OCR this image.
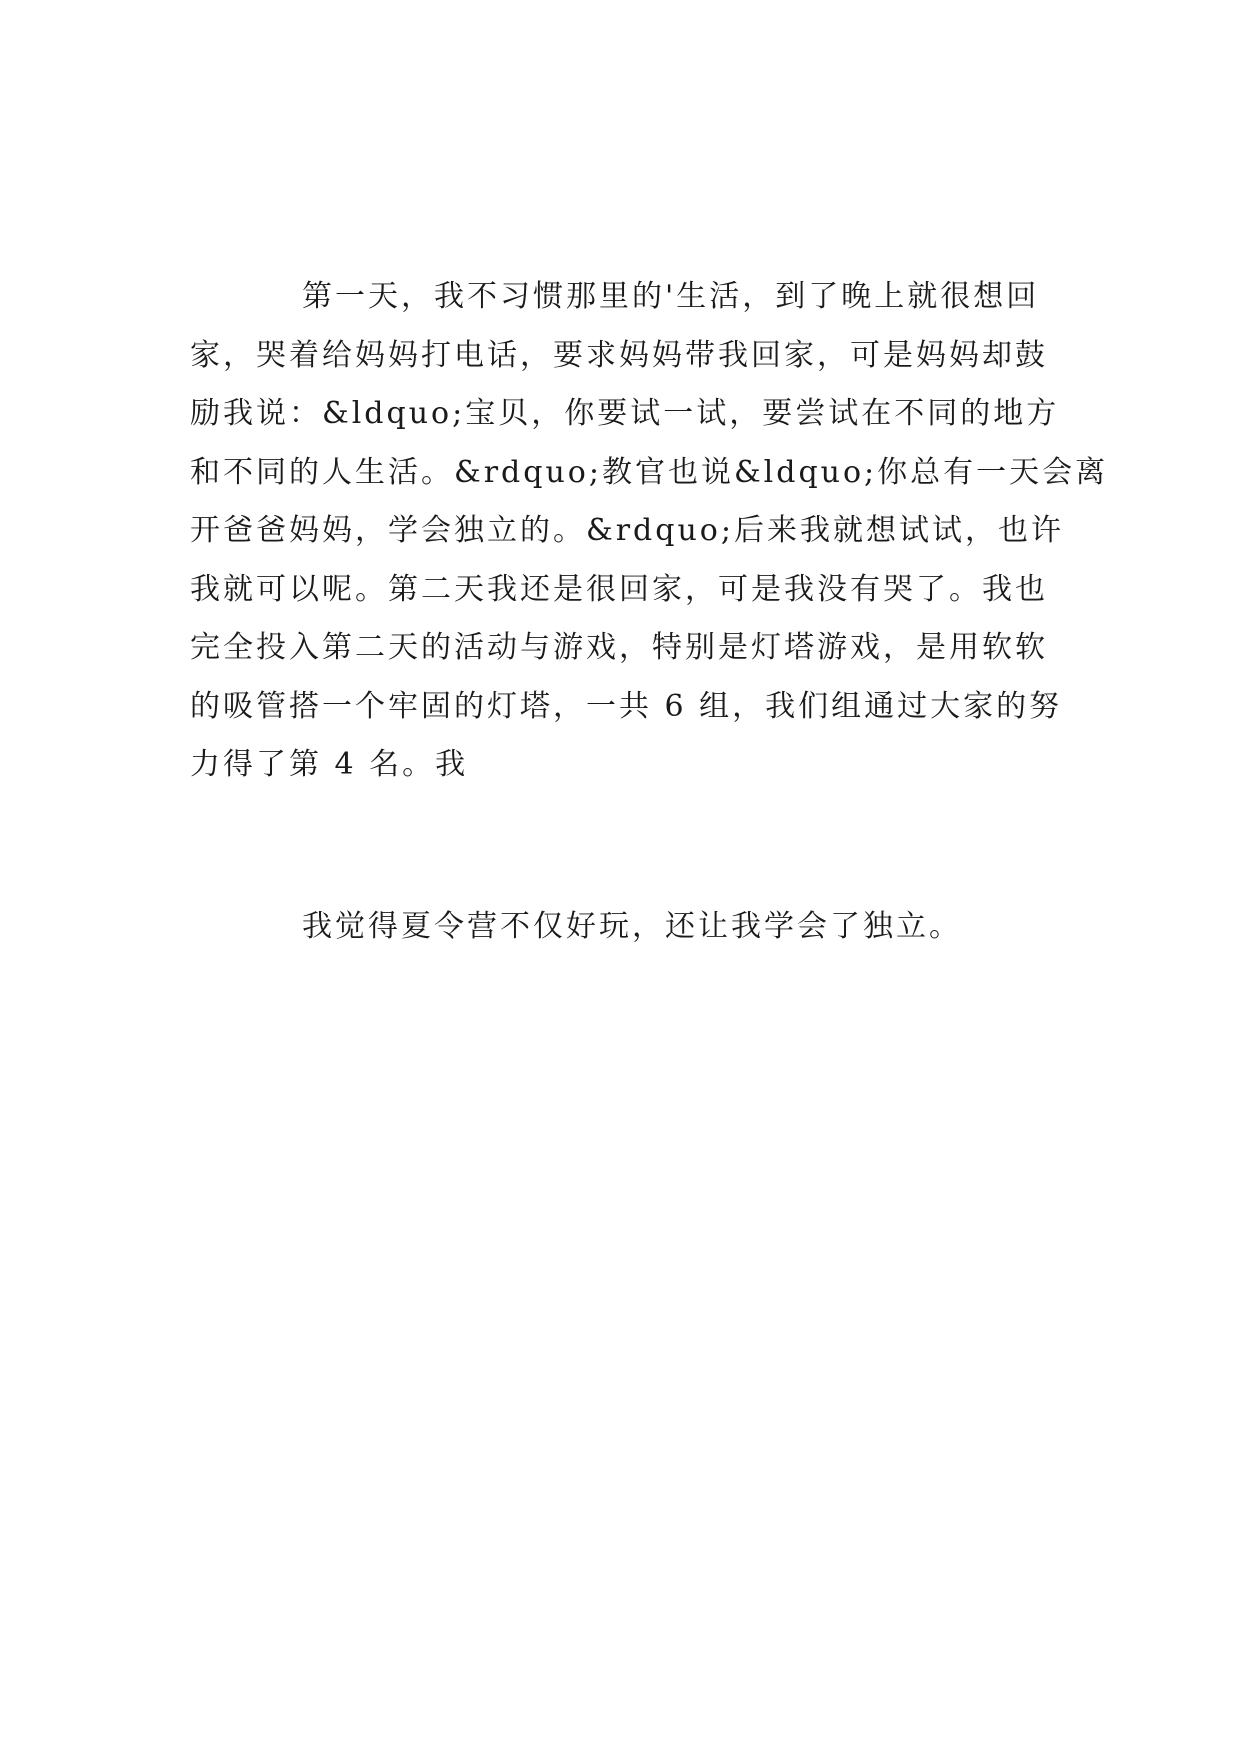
第一天，我不习惯那里的'生活，到了晚上就很想回
家，哭着给妈妈打电话，要求妈妈带我回家，可是妈妈却鼓
励我说：&ldquo;宝贝，你要试一试，要尝试在不同的地方
和不同的人生活。&rdquo;教官也说&ldquo;你总有一天会离
开爸爸妈妈，学会独立的。&rdquo;后来我就想试试，也许
我就可以呢。第二天我还是很回家，可是我没有哭了。我也
完全投入第二天的活动与游戏，特别是灯塔游戏，是用软软
的吸管搭一个牢固的灯塔，一共 6 组，我们组通过大家的努
力得了第 4 名。我

我觉得夏令营不仅好玩，还让我学会了独立。
